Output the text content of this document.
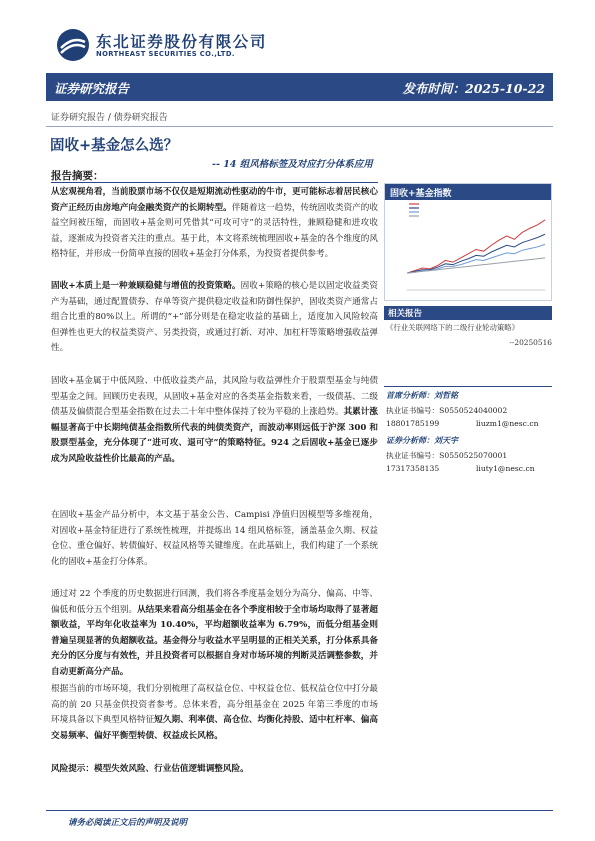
东北证券股份有限公司
NORTHEAST SECURITIES CO.,LTD.
证券研究报告	发布时间：2025-10-22
证券研究报告 / 债券研究报告
固收+基金怎么选？
-- 14 组风格标签及对应打分体系应用
报告摘要：
从宏观视角看，当前股票市场不仅仅是短期流动性驱动的牛市，更可能标志着居民核心资产正经历由房地产向金融类资产的长期转型。伴随着这一趋势，传统固收类资产的收益空间被压缩，而固收+基金则可凭借其“可攻可守”的灵活特性，兼顾稳健和进攻收益，逐渐成为投资者关注的重点。基于此，本文将系统梳理固收+基金的各个维度的风格特征，并形成一份简单直接的固收+基金打分体系，为投资者提供参考。
固收+本质上是一种兼顾稳健与增值的投资策略。固收+策略的核心是以固定收益类资产为基础，通过配置债券、存单等资产提供稳定收益和防御性保护，固收类资产通常占组合比重的80%以上。所谓的“+”部分则是在稳定收益的基础上，适度加入风险较高但弹性也更大的权益类资产、另类投资，或通过打新、对冲、加杠杆等策略增强收益弹性。
固收+基金属于中低风险、中低收益类产品，其风险与收益弹性介于股票型基金与纯债型基金之间。回顾历史表现，从固收+基金对应的各类基金指数来看，一级债基、二级债基及偏债混合型基金指数在过去二十年中整体保持了较为平稳的上涨趋势。其累计涨幅显著高于中长期纯债基金指数所代表的纯债类资产，而波动率则远低于沪深 300 和股票型基金，充分体现了“进可攻、退可守”的策略特征。924 之后固收+基金已逐步成为风险收益性价比最高的产品。
在固收+基金产品分析中，本文基于基金公告、Campisi 净值归因模型等多维视角，对固收+基金特征进行了系统性梳理，并提炼出 14 组风格标签，涵盖基金久期、权益仓位、重仓偏好、转债偏好、权益风格等关键维度。在此基础上，我们构建了一个系统化的固收+基金打分体系。
通过对 22 个季度的历史数据进行回测，我们将各季度基金划分为高分、偏高、中等、偏低和低分五个组别。从结果来看高分组基金在各个季度相较于全市场均取得了显著超额收益，平均年化收益率为 10.40%，平均超额收益率为 6.79%，而低分组基金则普遍呈现显著的负超额收益。基金得分与收益水平呈明显的正相关关系，打分体系具备充分的区分度与有效性，并且投资者可以根据自身对市场环境的判断灵活调整参数，并自动更新高分产品。
根据当前的市场环境，我们分别梳理了高权益仓位、中权益仓位、低权益仓位中打分最高的前 20 只基金供投资者参考。总体来看，高分组基金在 2025 年第三季度的市场环境具备以下典型风格特征短久期、利率债、高仓位、均衡化持股、适中杠杆率、偏高交易频率、偏好平衡型转债、权益成长风格。
风险提示：模型失效风险、行业估值逻辑调整风险。
固收+基金指数
相关报告
《行业关联网络下的二级行业轮动策略》
--20250516
首席分析师：刘哲铭
执业证书编号：S0550524040002
18801785199	liuzm1@nesc.cn
证券分析师：刘天宇
执业证书编号：S0550525070001
17317358135	liuty1@nesc.cn
请务必阅读正文后的声明及说明
